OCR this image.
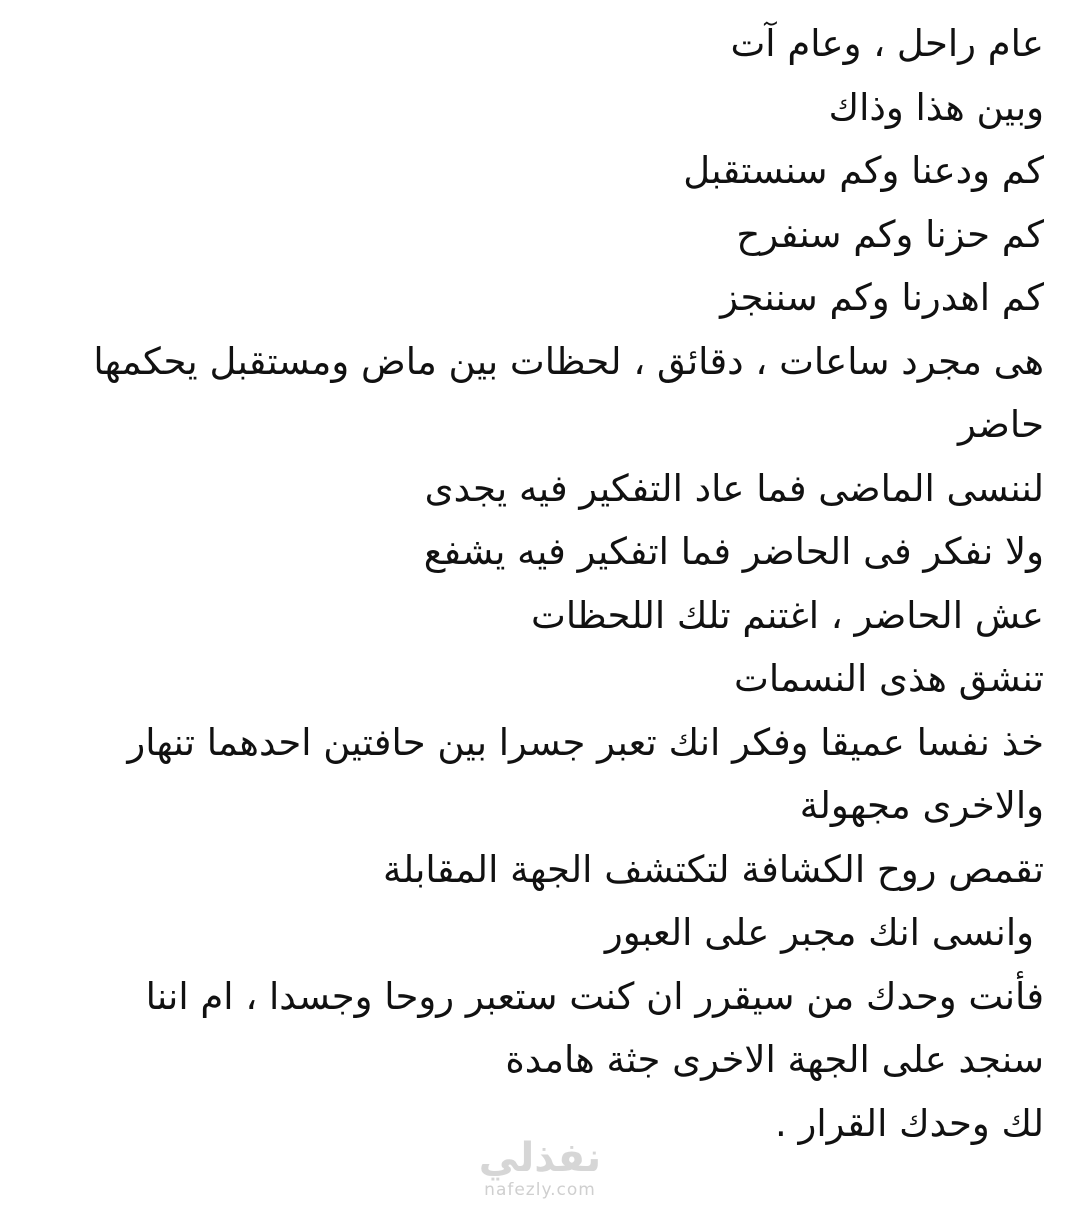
عام راحل ، وعام آت
وبين هذا وذاك
كم ودعنا وكم سنستقبل
كم حزنا وكم سنفرح
كم اهدرنا وكم سننجز
هى مجرد ساعات ، دقائق ، لحظات بين ماض ومستقبل يحكمها
حاضر
لننسى الماضى فما عاد التفكير فيه يجدى
ولا نفكر فى الحاضر فما اتفكير فيه يشفع
عش الحاضر ، اغتنم تلك اللحظات
تنشق هذى النسمات
خذ نفسا عميقا وفكر انك تعبر جسرا بين حافتين احدهما تنهار
والاخرى مجهولة
تقمص روح الكشافة لتكتشف الجهة المقابلة
وانسى انك مجبر على العبور
فأنت وحدك من سيقرر ان كنت ستعبر روحا وجسدا ، ام اننا
سنجد على الجهة الاخرى جثة هامدة
لك وحدك القرار .
نفذلي
nafezly.com
